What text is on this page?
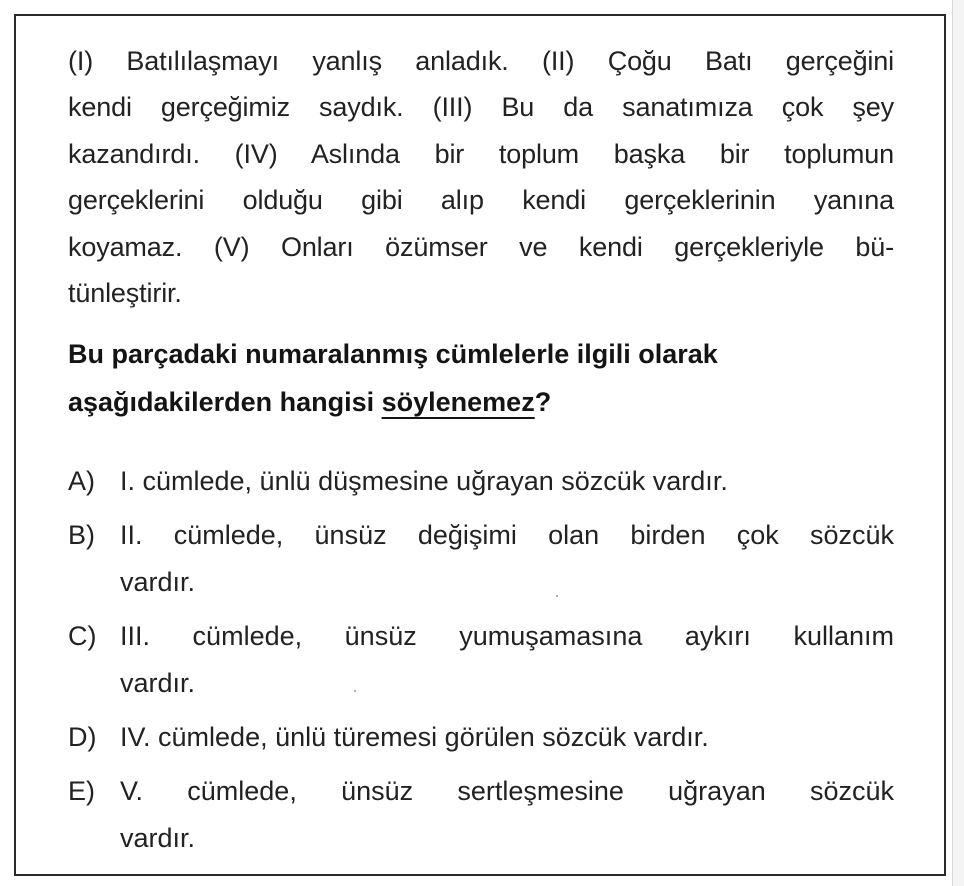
(I) Batılılaşmayı yanlış anladık. (II) Çoğu Batı gerçeğini
kendi gerçeğimiz saydık. (III) Bu da sanatımıza çok şey
kazandırdı. (IV) Aslında bir toplum başka bir toplumun
gerçeklerini olduğu gibi alıp kendi gerçeklerinin yanına
koyamaz. (V) Onları özümser ve kendi gerçekleriyle bü-
tünleştirir.
Bu parçadaki numaralanmış cümlelerle ilgili olarak
aşağıdakilerden hangisi söylenemez?
A) I. cümlede, ünlü düşmesine uğrayan sözcük vardır.
B) II. cümlede, ünsüz değişimi olan birden çok sözcük
vardır.
C) III. cümlede, ünsüz yumuşamasına aykırı kullanım
vardır.
D) IV. cümlede, ünlü türemesi görülen sözcük vardır.
E) V. cümlede, ünsüz sertleşmesine uğrayan sözcük
vardır.
